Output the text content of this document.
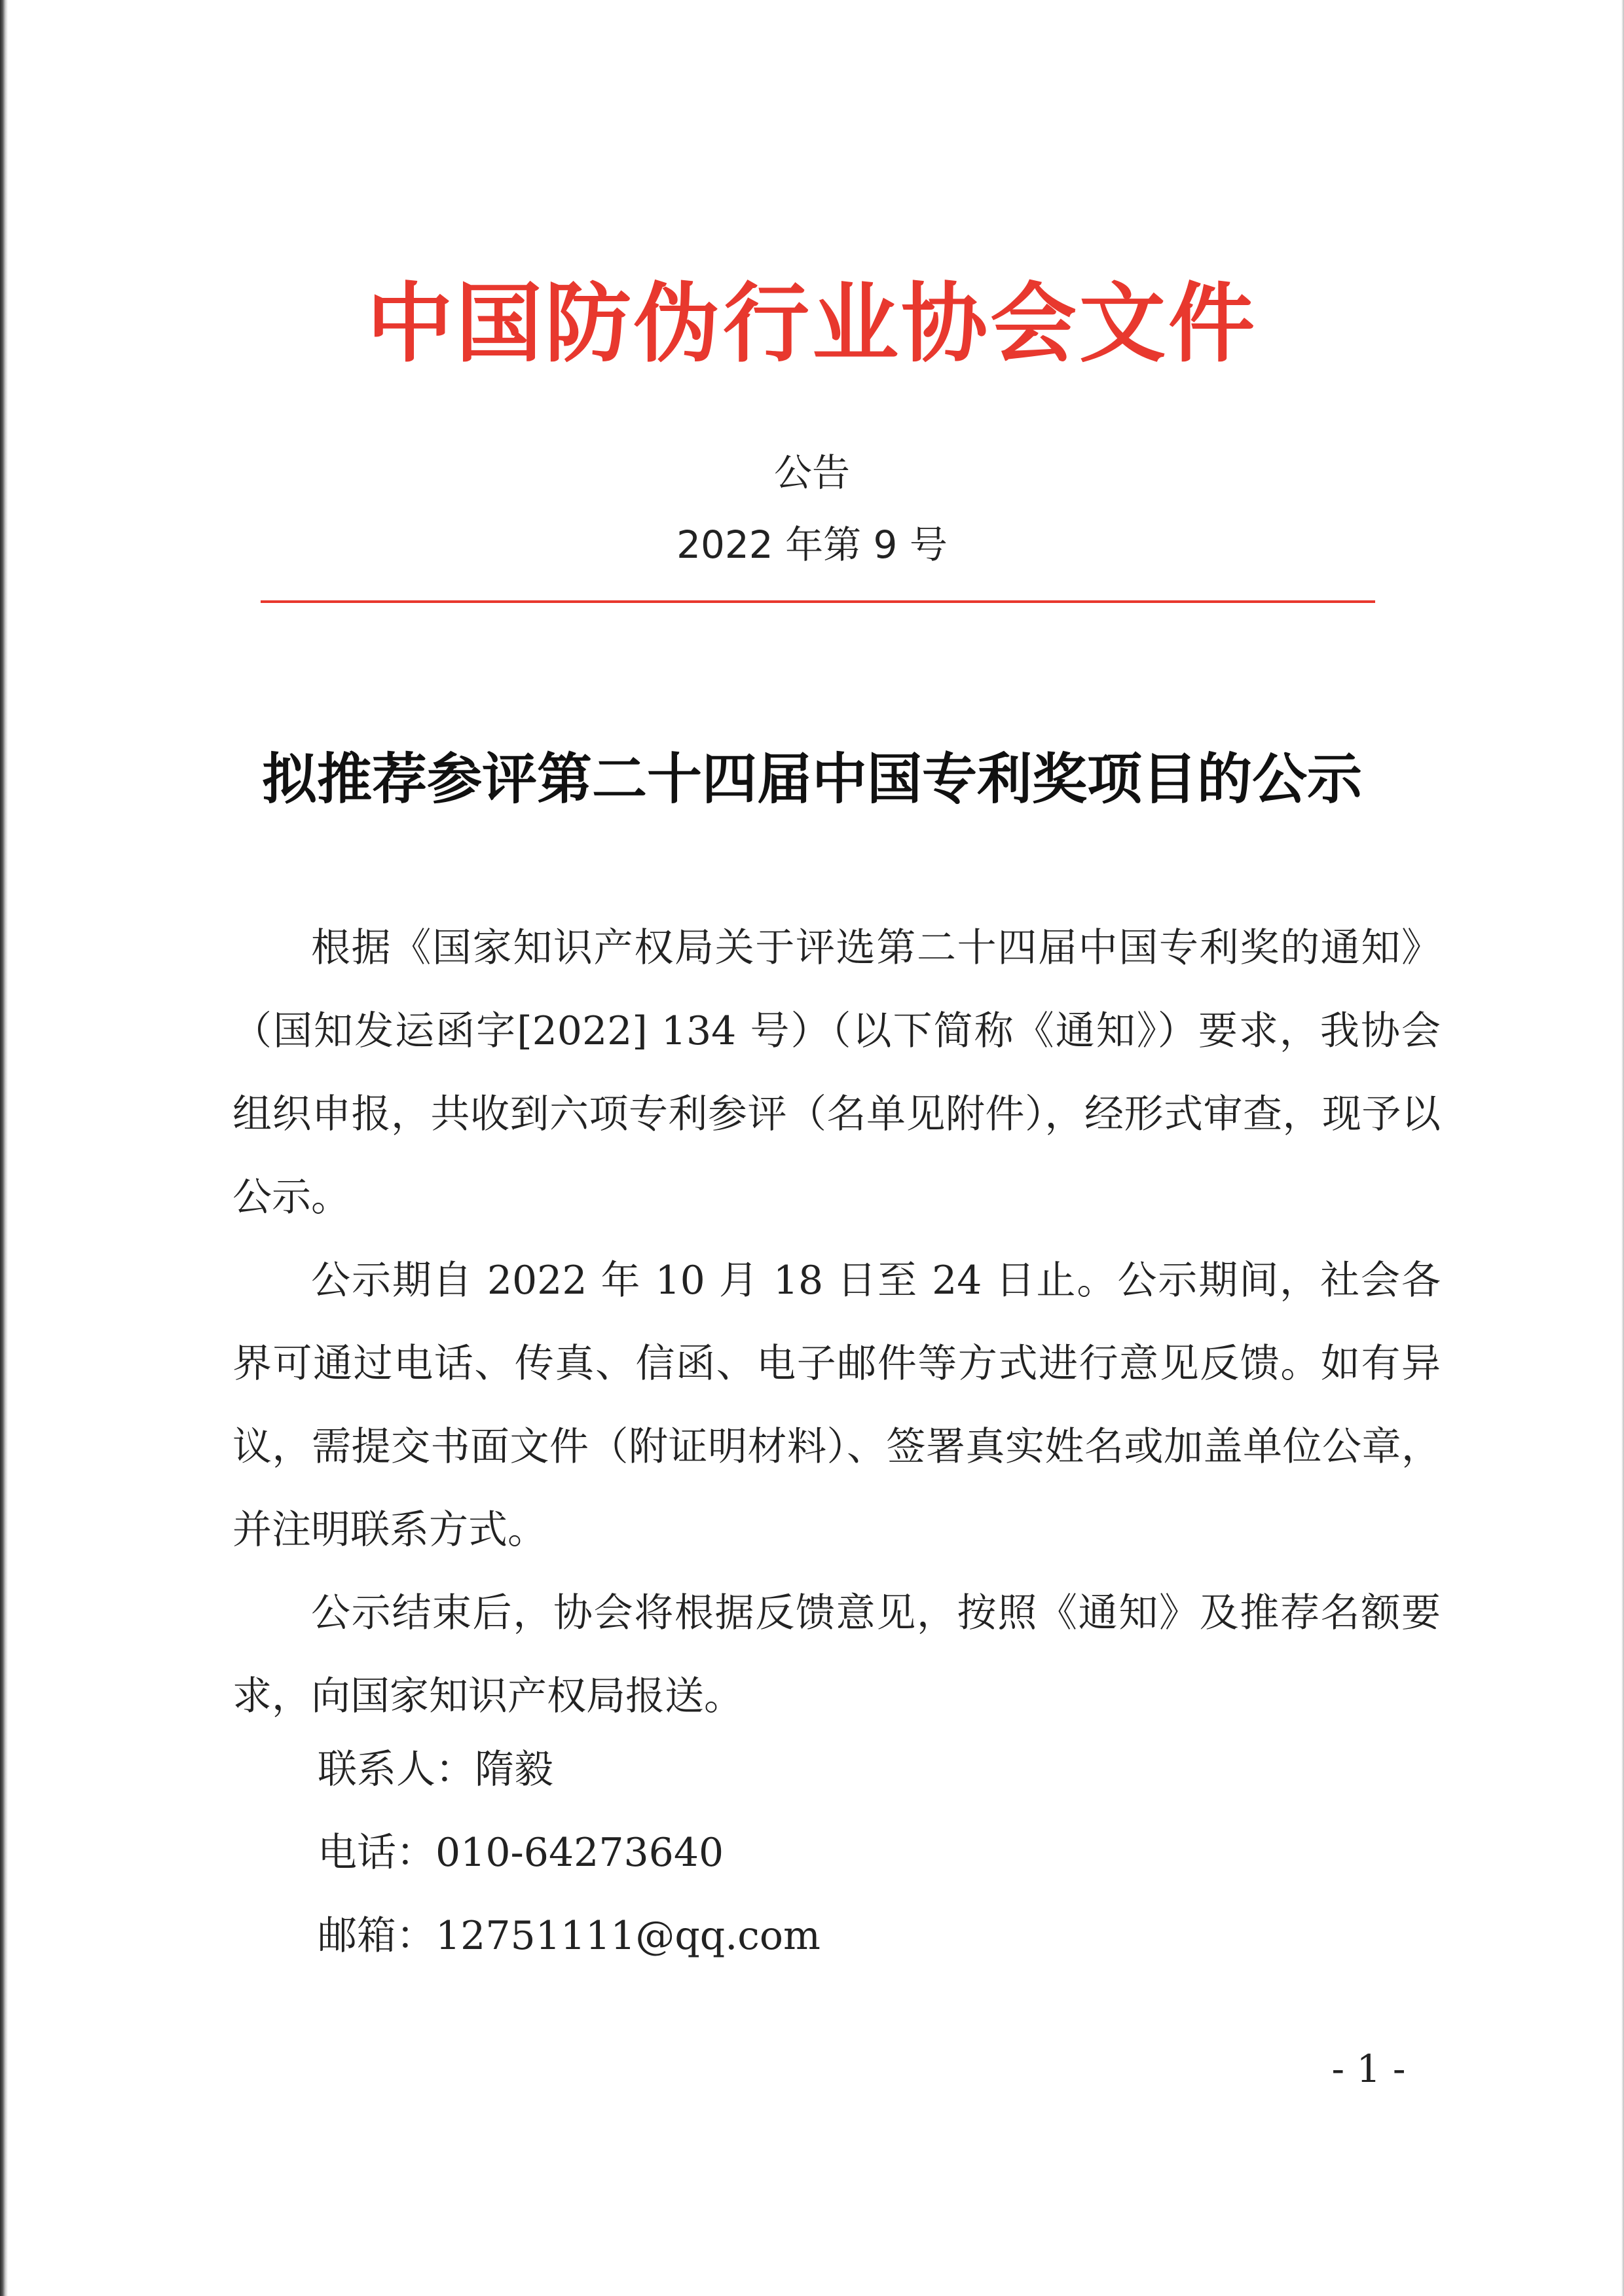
中国防伪行业协会文件
公告
2022 年第 9 号
拟推荐参评第二十四届中国专利奖项目的公示

根据《国家知识产权局关于评选第二十四届中国专利奖的通知》（国知发运函字[2022] 134 号）（以下简称《通知》）要求，我协会组织申报，共收到六项专利参评（名单见附件），经形式审查，现予以公示。

公示期自 2022 年 10 月 18 日至 24 日止。公示期间，社会各界可通过电话、传真、信函、电子邮件等方式进行意见反馈。如有异议，需提交书面文件（附证明材料）、签署真实姓名或加盖单位公章，并注明联系方式。

公示结束后，协会将根据反馈意见，按照《通知》及推荐名额要求，向国家知识产权局报送。

联系人：隋毅
电话：010-64273640
邮箱：12751111@qq.com
- 1 -
